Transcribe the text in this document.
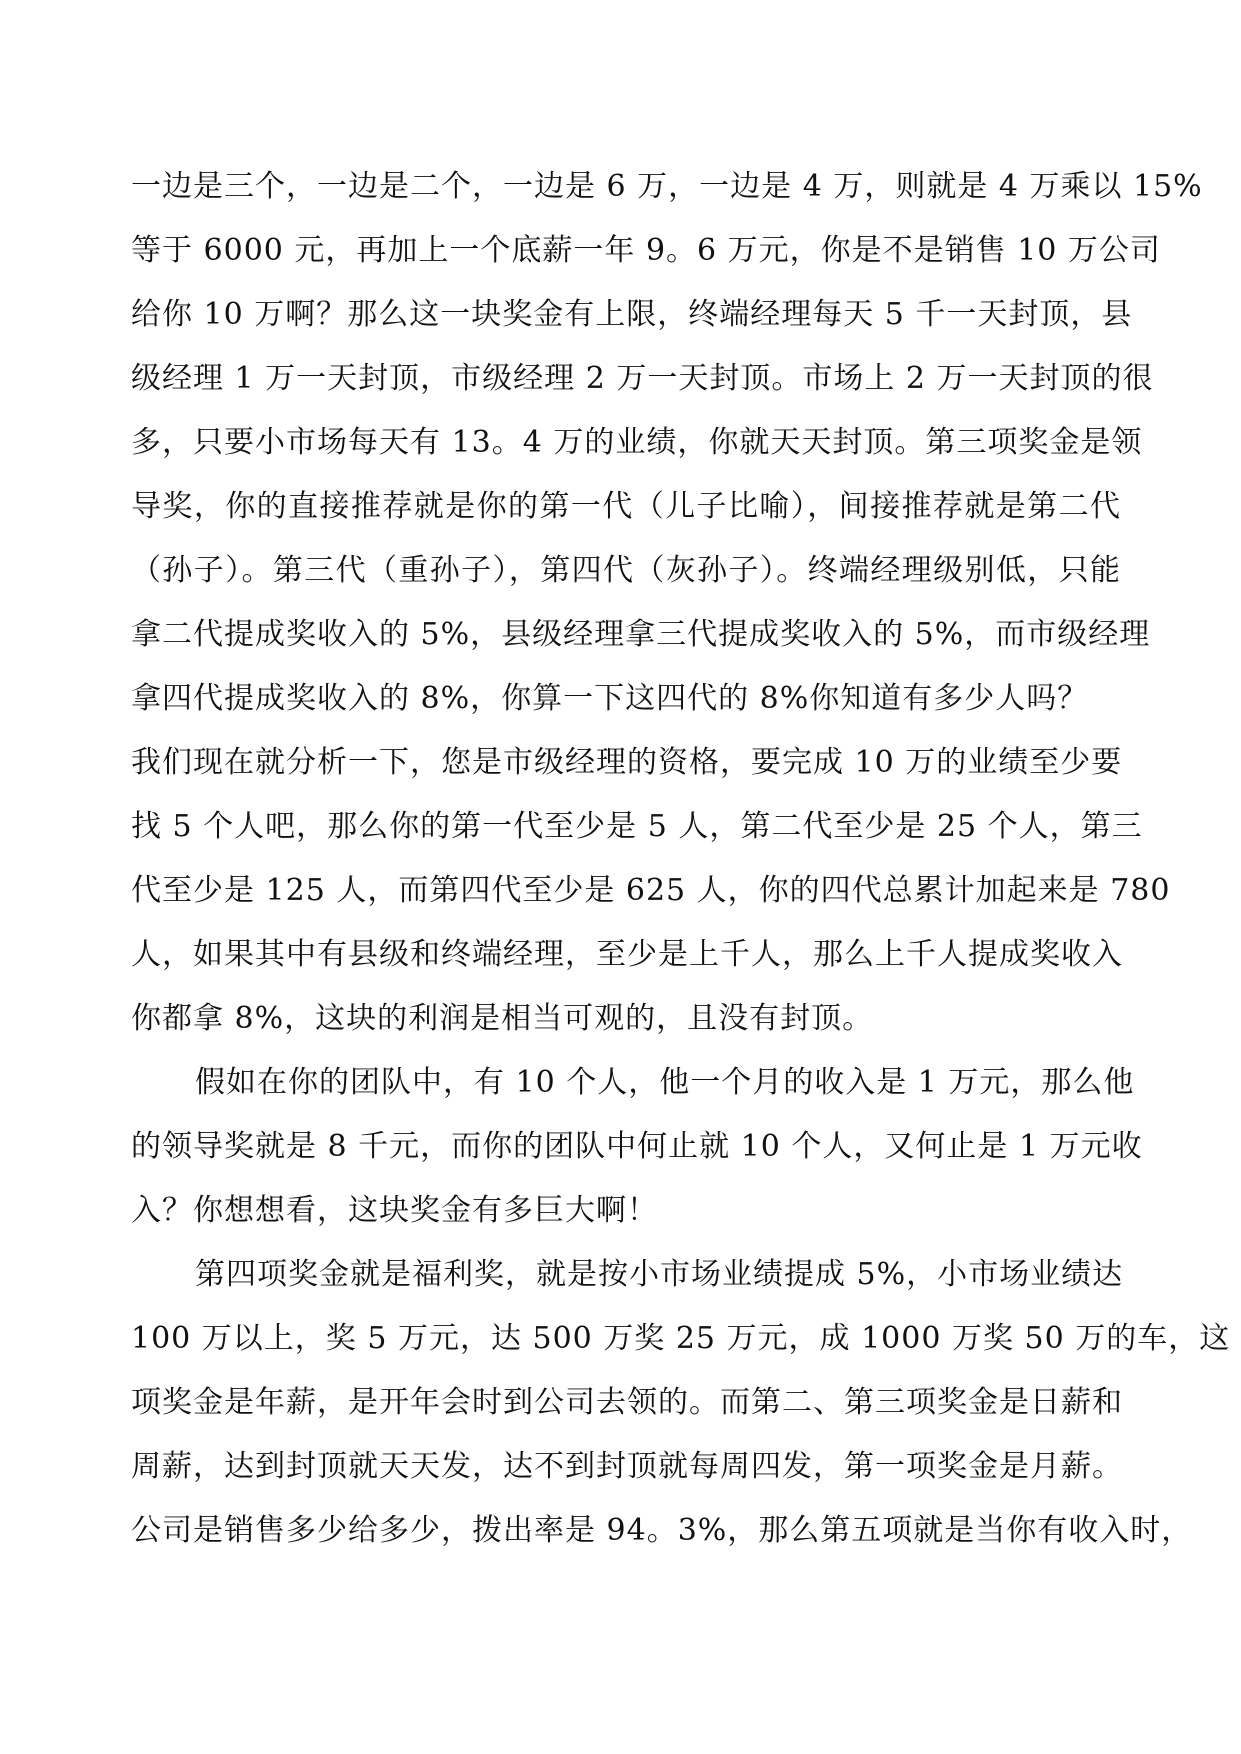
一边是三个，一边是二个，一边是 6 万，一边是 4 万，则就是 4 万乘以 15%

等于 6000 元，再加上一个底薪一年 9。6 万元，你是不是销售 10 万公司

给你 10 万啊？那么这一块奖金有上限，终端经理每天 5 千一天封顶，县

级经理 1 万一天封顶，市级经理 2 万一天封顶。市场上 2 万一天封顶的很

多，只要小市场每天有 13。4 万的业绩，你就天天封顶。第三项奖金是领

导奖，你的直接推荐就是你的第一代（儿子比喻），间接推荐就是第二代

（孙子）。第三代（重孙子），第四代（灰孙子）。终端经理级别低，只能

拿二代提成奖收入的 5%，县级经理拿三代提成奖收入的 5%，而市级经理

拿四代提成奖收入的 8%，你算一下这四代的 8%你知道有多少人吗？

我们现在就分析一下，您是市级经理的资格，要完成 10 万的业绩至少要

找 5 个人吧，那么你的第一代至少是 5 人，第二代至少是 25 个人，第三

代至少是 125 人，而第四代至少是 625 人，你的四代总累计加起来是 780

人，如果其中有县级和终端经理，至少是上千人，那么上千人提成奖收入

你都拿 8%，这块的利润是相当可观的，且没有封顶。

假如在你的团队中，有 10 个人，他一个月的收入是 1 万元，那么他

的领导奖就是 8 千元，而你的团队中何止就 10 个人，又何止是 1 万元收

入？你想想看，这块奖金有多巨大啊！

第四项奖金就是福利奖，就是按小市场业绩提成 5%，小市场业绩达

100 万以上，奖 5 万元，达 500 万奖 25 万元，成 1000 万奖 50 万的车，这

项奖金是年薪，是开年会时到公司去领的。而第二、第三项奖金是日薪和

周薪，达到封顶就天天发，达不到封顶就每周四发，第一项奖金是月薪。

公司是销售多少给多少，拨出率是 94。3%，那么第五项就是当你有收入时，
